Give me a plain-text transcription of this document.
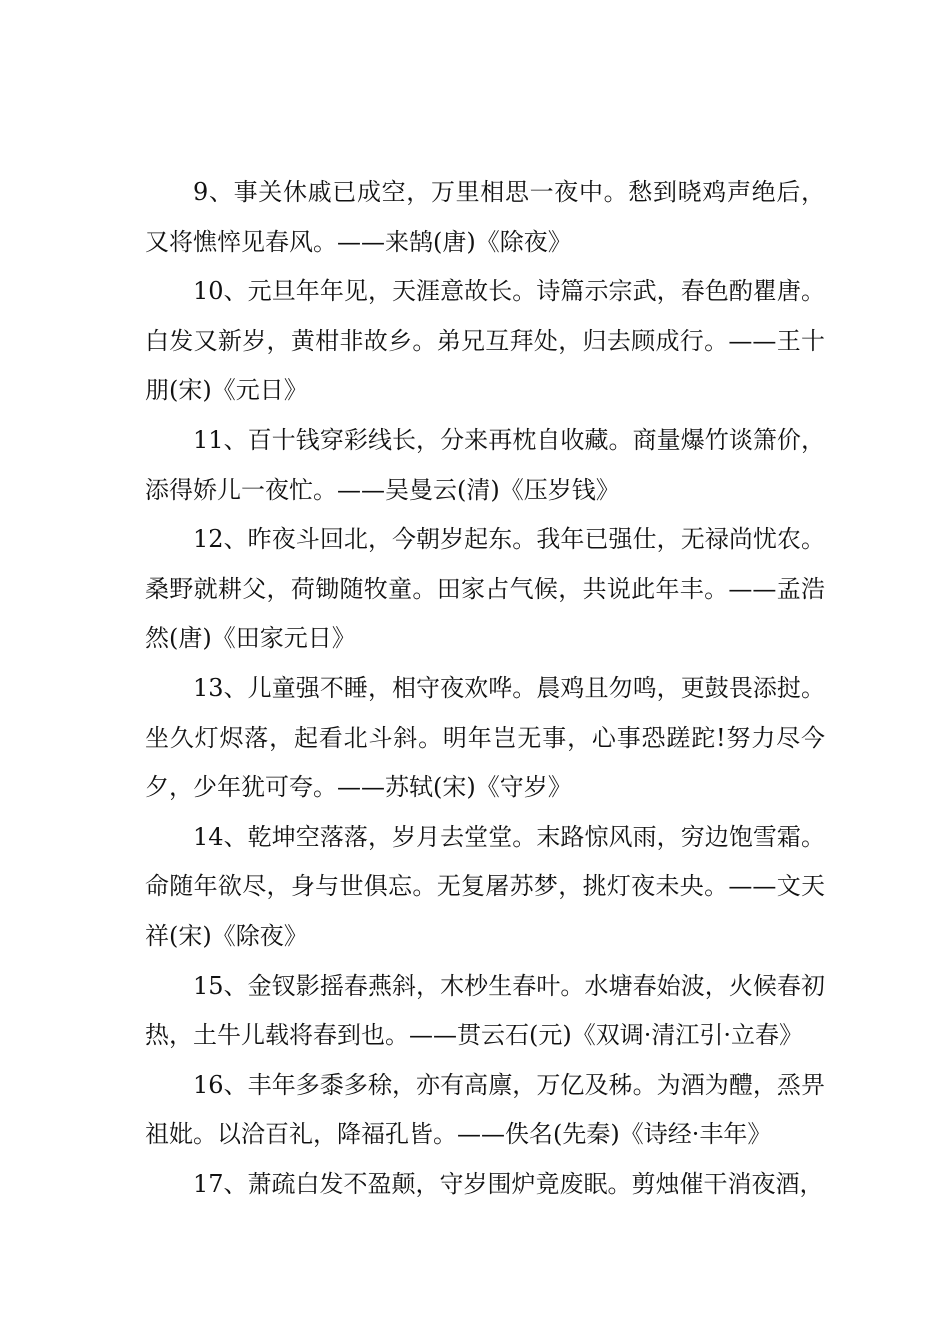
9、事关休戚已成空，万里相思一夜中。愁到晓鸡声绝后，又将憔悴见春风。——来鹄(唐)《除夜》

10、元旦年年见，天涯意故长。诗篇示宗武，春色酌瞿唐。白发又新岁，黄柑非故乡。弟兄互拜处，归去顾成行。——王十朋(宋)《元日》

11、百十钱穿彩线长，分来再枕自收藏。商量爆竹谈箫价，添得娇儿一夜忙。——吴曼云(清)《压岁钱》

12、昨夜斗回北，今朝岁起东。我年已强仕，无禄尚忧农。桑野就耕父，荷锄随牧童。田家占气候，共说此年丰。——孟浩然(唐)《田家元日》

13、儿童强不睡，相守夜欢哗。晨鸡且勿鸣，更鼓畏添挝。坐久灯烬落，起看北斗斜。明年岂无事，心事恐蹉跎!努力尽今夕，少年犹可夸。——苏轼(宋)《守岁》

14、乾坤空落落，岁月去堂堂。末路惊风雨，穷边饱雪霜。命随年欲尽，身与世俱忘。无复屠苏梦，挑灯夜未央。——文天祥(宋)《除夜》

15、金钗影摇春燕斜，木杪生春叶。水塘春始波，火候春初热，土牛儿载将春到也。——贯云石(元)《双调·清江引·立春》

16、丰年多黍多稌，亦有高廪，万亿及秭。为酒为醴，烝畀祖妣。以洽百礼，降福孔皆。——佚名(先秦)《诗经·丰年》

17、萧疏白发不盈颠，守岁围炉竟废眠。剪烛催干消夜酒，
